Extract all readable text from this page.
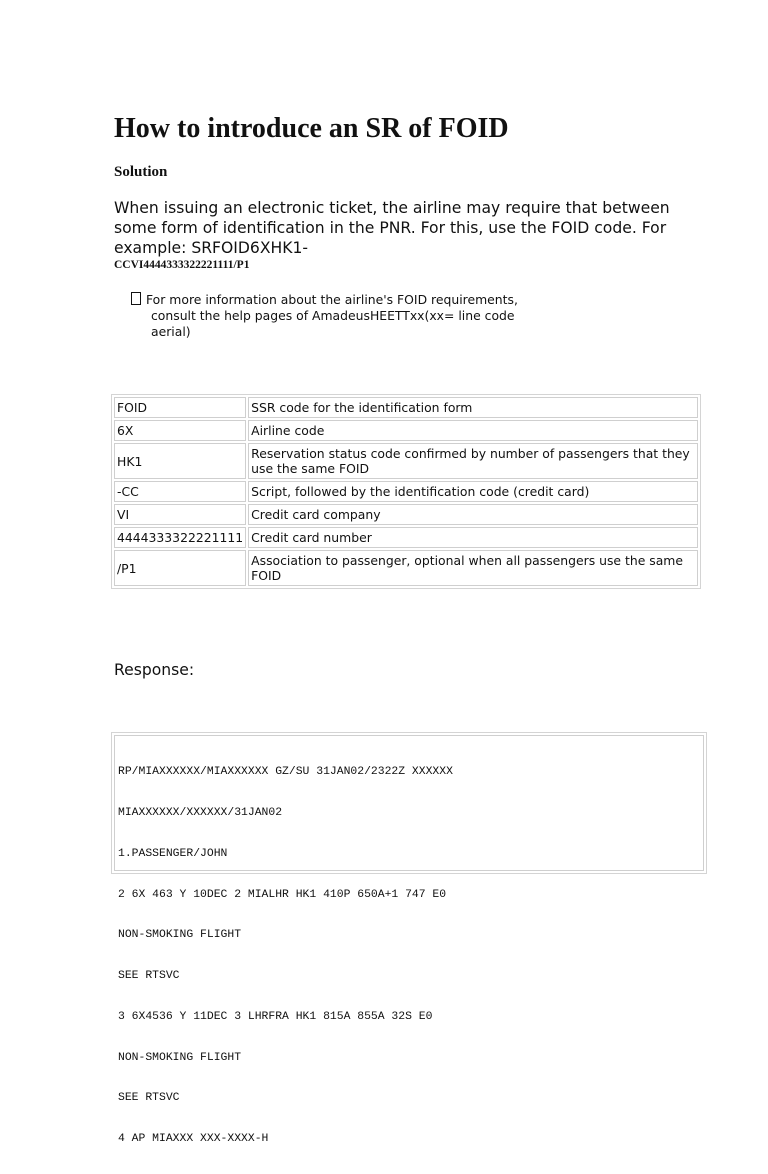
How to introduce an SR of FOID
Solution
When issuing an electronic ticket, the airline may require that between some form of identification in the PNR. For this, use the FOID code. For example: SRFOID6XHK1-
CCVI4444333322221111/P1
For more information about the airline's FOID requirements,
consult the help pages of AmadeusHEETTxx(xx= line code
aerial)
FOID	SSR code for the identification form
6X	Airline code
HK1	Reservation status code confirmed by number of passengers that they use the same FOID
-CC	Script, followed by the identification code (credit card)
VI	Credit card company
4444333322221111	Credit card number
/P1	Association to passenger, optional when all passengers use the same FOID
Response:

RP/MIAXXXXXX/MIAXXXXXX GZ/SU 31JAN02/2322Z XXXXXX

MIAXXXXXX/XXXXXX/31JAN02

1.PASSENGER/JOHN

2 6X 463 Y 10DEC 2 MIALHR HK1 410P 650A+1 747 E0

NON-SMOKING FLIGHT

SEE RTSVC

3 6X4536 Y 11DEC 3 LHRFRA HK1 815A 855A 32S E0

NON-SMOKING FLIGHT

SEE RTSVC

4 AP MIAXXX XXX-XXXX-H
